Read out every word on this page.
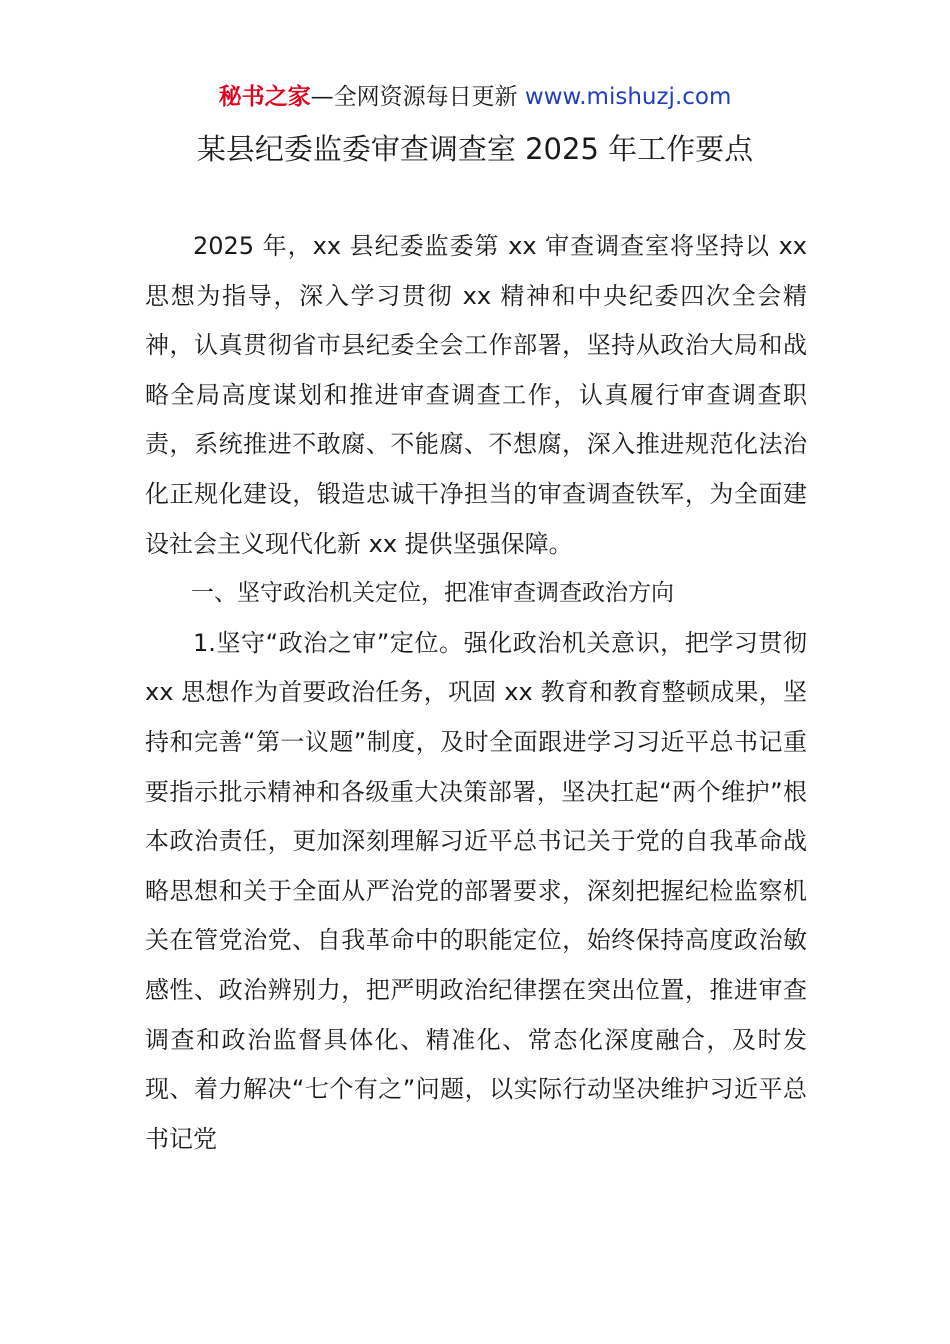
秘书之家—全网资源每日更新 www.mishuzj.com
某县纪委监委审查调查室 2025 年工作要点

2025 年，xx 县纪委监委第 xx 审查调查室将坚持以 xx 思想为指导，深入学习贯彻 xx 精神和中央纪委四次全会精神，认真贯彻省市县纪委全会工作部署，坚持从政治大局和战略全局高度谋划和推进审查调查工作，认真履行审查调查职责，系统推进不敢腐、不能腐、不想腐，深入推进规范化法治化正规化建设，锻造忠诚干净担当的审查调查铁军，为全面建设社会主义现代化新 xx 提供坚强保障。

一、坚守政治机关定位，把准审查调查政治方向

1.坚守“政治之审”定位。强化政治机关意识，把学习贯彻 xx 思想作为首要政治任务，巩固 xx 教育和教育整顿成果，坚持和完善“第一议题”制度，及时全面跟进学习习近平总书记重要指示批示精神和各级重大决策部署，坚决扛起“两个维护”根本政治责任，更加深刻理解习近平总书记关于党的自我革命战略思想和关于全面从严治党的部署要求，深刻把握纪检监察机关在管党治党、自我革命中的职能定位，始终保持高度政治敏感性、政治辨别力，把严明政治纪律摆在突出位置，推进审查调查和政治监督具体化、精准化、常态化深度融合，及时发现、着力解决“七个有之”问题，以实际行动坚决维护习近平总书记党
